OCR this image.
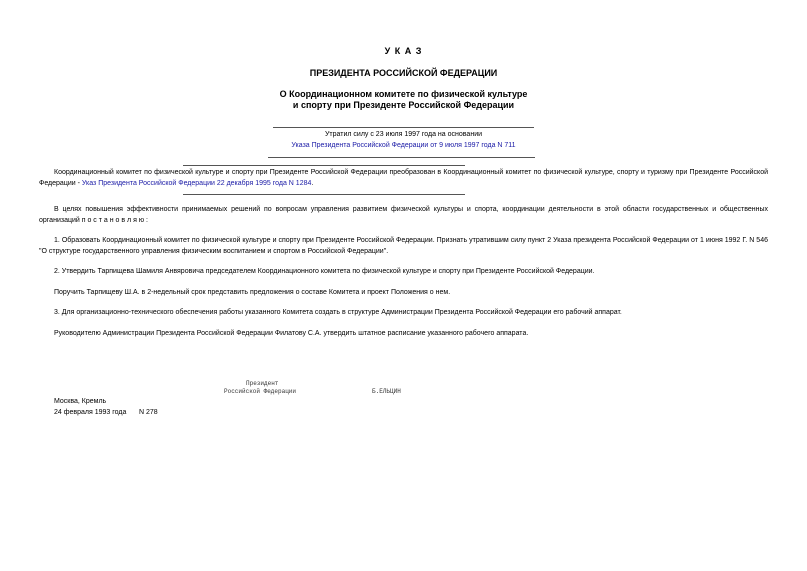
У К А З
ПРЕЗИДЕНТА РОССИЙСКОЙ ФЕДЕРАЦИИ
О Координационном комитете по физической культуре
и спорту при Президенте Российской Федерации
Утратил силу с 23 июля 1997 года на основании
Указа Президента Российской Федерации от 9 июля 1997 года N 711
Координационный комитет по физической культуре и спорту при Президенте Российской Федерации преобразован в Координационный комитет по физической культуре, спорту и туризму при Президенте Российской Федерации - Указ Президента Российской Федерации 22 декабря 1995 года N 1284.
В целях повышения эффективности принимаемых решений по вопросам управления развитием физической культуры и спорта, координации деятельности в этой области государственных и общественных организаций п о с т а н о в л я ю :
1. Образовать Координационный комитет по физической культуре и спорту при Президенте Российской Федерации. Признать утратившим силу пункт 2 Указа президента Российской Федерации от 1 июня 1992 Г. N 546 "О структуре государственного управления физическим воспитанием и спортом в Российской Федерации".
2. Утвердить Тарпищева Шамиля Анвяровича председателем Координационного комитета по физической культуре и спорту при Президенте Российской Федерации.
Поручить Тарпищеву Ш.А. в 2-недельный срок представить предложения о составе Комитета и проект Положения о нем.
3. Для организационно-технического обеспечения работы указанного Комитета создать в структуре Администрации Президента Российской Федерации его рабочий аппарат.
Руководителю Администрации Президента Российской Федерации Филатову С.А. утвердить штатное расписание указанного рабочего аппарата.
Президент
Российской Федерации	Б.ЕЛЬЦИН
Москва, Кремль
24 февраля 1993 года N 278
